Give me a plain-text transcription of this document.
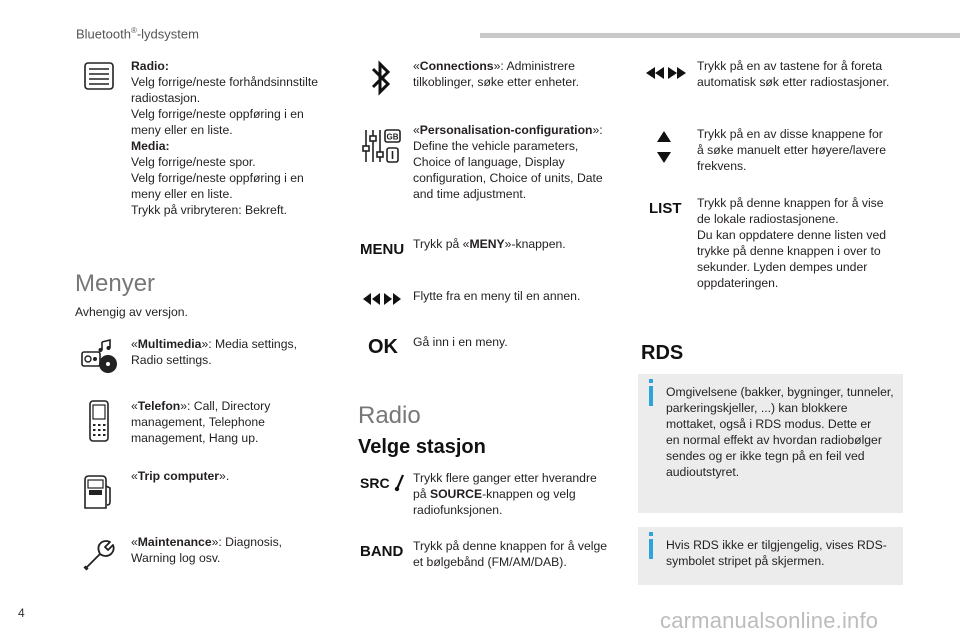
Bluetooth®-lydsystem
Radio:
Velg forrige/neste forhåndsinnstilte
radiostasjon.
Velg forrige/neste oppføring i en
meny eller en liste.
Media:
Velg forrige/neste spor.
Velg forrige/neste oppføring i en
meny eller en liste.
Trykk på vribryteren: Bekreft.
Menyer
Avhengig av versjon.
«Multimedia»: Media settings,
Radio settings.
«Telefon»: Call, Directory
management, Telephone
management, Hang up.
«Trip computer».
«Maintenance»: Diagnosis,
Warning log osv.
«Connections»: Administrere
tilkoblinger, søke etter enheter.
GB «Personalisation-configuration»:
Define the vehicle parameters,
Choice of language, Display
configuration, Choice of units, Date
and time adjustment.
MENU Trykk på «MENY»-knappen.
Flytte fra en meny til en annen.
OK Gå inn i en meny.
Radio
Velge stasjon
SRC Trykk flere ganger etter hverandre
på SOURCE-knappen og velg
radiofunksjonen.
BAND Trykk på denne knappen for å velge
et bølgebånd (FM/AM/DAB).
Trykk på en av tastene for å foreta
automatisk søk etter radiostasjoner.
Trykk på en av disse knappene for
å søke manuelt etter høyere/lavere
frekvens.
LIST Trykk på denne knappen for å vise
de lokale radiostasjonene.
Du kan oppdatere denne listen ved
trykke på denne knappen i over to
sekunder. Lyden dempes under
oppdateringen.
RDS
Omgivelsene (bakker, bygninger, tunneler,
parkeringskjeller, ...) kan blokkere
mottaket, også i RDS modus. Dette er
en normal effekt av hvordan radiobølger
sendes og er ikke tegn på en feil ved
audioutstyret.
Hvis RDS ikke er tilgjengelig, vises RDS-
symbolet stripet på skjermen.
4	carmanualsonline.info
